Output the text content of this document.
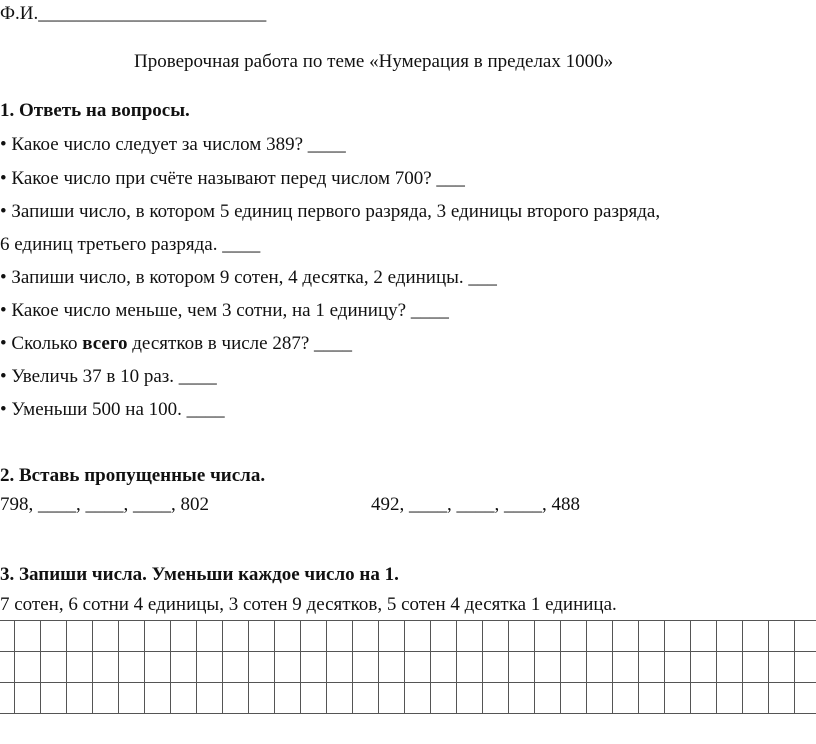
Ф.И.________________________
Проверочная работа по теме «Нумерация в пределах 1000»
1. Ответь на вопросы.
• Какое число следует за числом 389? ____
• Какое число при счёте называют перед числом 700? ___
• Запиши число, в котором 5 единиц первого разряда, 3 единицы второго разряда,
6 единиц третьего разряда. ____
• Запиши число, в котором 9 сотен, 4 десятка, 2 единицы. ___
• Какое число меньше, чем 3 сотни, на 1 единицу? ____
• Сколько всего десятков в числе 287? ____
• Увеличь 37 в 10 раз. ____
• Уменьши 500 на 100. ____
2. Вставь пропущенные числа.
798, ____, ____, ____, 802	492, ____, ____, ____, 488
3. Запиши числа. Уменьши каждое число на 1.
7 сотен, 6 сотни 4 единицы, 3 сотен 9 десятков, 5 сотен 4 десятка 1 единица.
